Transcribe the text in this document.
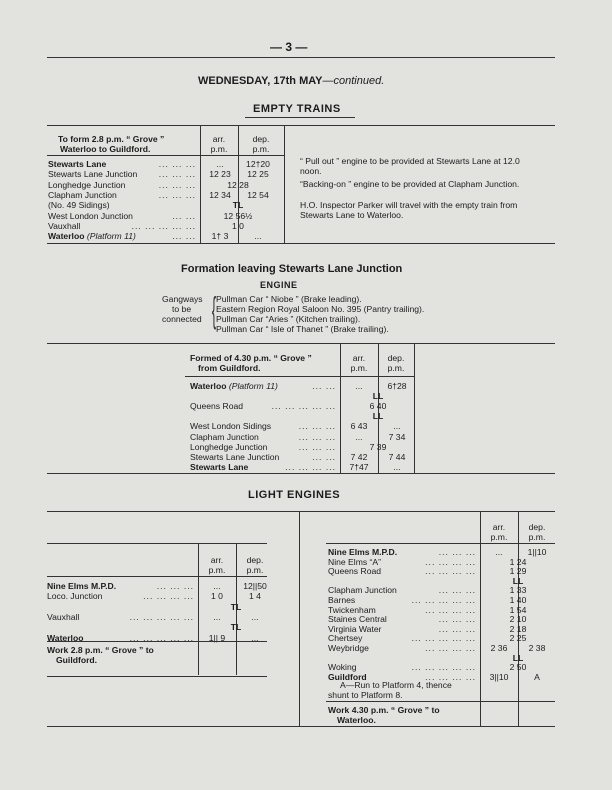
— 3 —
WEDNESDAY, 17th MAY—continued.
EMPTY TRAINS
To form 2.8 p.m. “ Grove ”
Waterloo to Guildford.
arr.
p.m.
dep.
p.m.
Stewarts Lane	... ... ...	...	12†20
Stewarts Lane Junction ... ... ...	12 23	12 25
Longhedge Junction	... ... ...	12 28
Clapham Junction	... ... ...	12 34	12 54
(No. 49 Sidings)	TL
West London Junction	... ...	12 56½
Vauxhall	... ... ... ... ...	1 0
Waterloo (Platform 11)	... ...	1† 3	...
“ Pull out ” engine to be provided at Stewarts Lane at 12.0 noon.
“Backing-on ” engine to be provided at Clapham Junction.
H.O. Inspector Parker will travel with the empty train from Stewarts Lane to Waterloo.
Formation leaving Stewarts Lane Junction
ENGINE
Gangways
to be
connected { Pullman Car “ Niobe ” (Brake leading).
Eastern Region Royal Saloon No. 395 (Pantry trailing).
Pullman Car “Aries ” (Kitchen trailing).
Pullman Car “ Isle of Thanet ” (Brake trailing).
Formed of 4.30 p.m. “ Grove ”
from Guildford.
arr.
p.m.
dep.
p.m.
Waterloo (Platform 11)	... ...	...	6†28
LL
Queens Road	... ... ... ... ...	6 40
LL
West London Sidings	... ... ...	6 43	...
Clapham Junction	... ... ...	...	7 34
Longhedge Junction	... ... ...	7 39
Stewarts Lane Junction	... ...	7 42	7 44
Stewarts Lane	... ... ... ...	7†47	...
LIGHT ENGINES
arr.
p.m.
dep.
p.m.
Nine Elms M.P.D.	... ... ...	...	12||50
Loco. Junction	... ... ... ...	1 0	1 4
TL
Vauxhall	... ... ... ... ...	...	...
TL
Waterloo	... ... ... ... ...	1|| 9	...
Work 2.8 p.m. “ Grove ” to
Guildford.
arr.
p.m.
dep.
p.m.
Nine Elms M.P.D.	... ... ...	...	1||10
Nine Elms “A”	... ... ... ...	1 24
Queens Road	... ... ... ...	1 29
LL
Clapham Junction	... ... ...	1 33
Barnes	... ... ... ... ...	1 40
Twickenham	... ... ... ...	1 54
Staines Central	... ... ...	2 10
Virginia Water	... ... ...	2 18
Chertsey	... ... ... ... ...	2 25
Weybridge	... ... ... ...	2 36	2 38
LL
Woking	... ... ... ... ...	2 50
Guildford	... ... ... ...	3||10	A
A—Run to Platform 4, thence
shunt to Platform 8.
Work 4.30 p.m. “ Grove ” to
Waterloo.
